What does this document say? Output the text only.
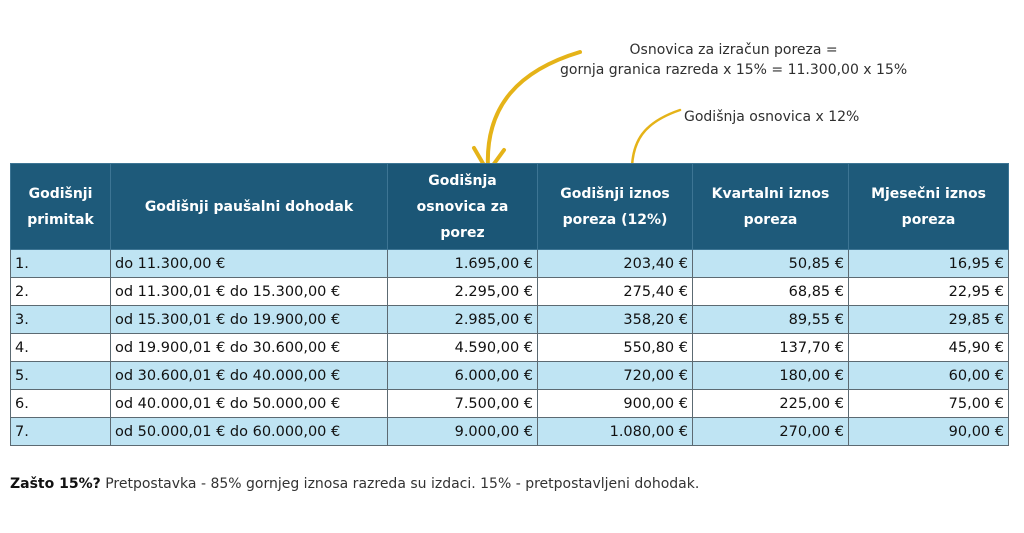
Osnovica za izračun poreza =
gornja granica razreda x 15% = 11.300,00 x 15%
Godišnja osnovica x 12%
Godišnji primitak	Godišnji paušalni dohodak	Godišnja osnovica za porez	Godišnji iznos poreza (12%)	Kvartalni iznos poreza	Mjesečni iznos poreza
1.	do 11.300,00 €	1.695,00 €	203,40 €	50,85 €	16,95 €
2.	od 11.300,01 € do 15.300,00 €	2.295,00 €	275,40 €	68,85 €	22,95 €
3.	od 15.300,01 € do 19.900,00 €	2.985,00 €	358,20 €	89,55 €	29,85 €
4.	od 19.900,01 € do 30.600,00 €	4.590,00 €	550,80 €	137,70 €	45,90 €
5.	od 30.600,01 € do 40.000,00 €	6.000,00 €	720,00 €	180,00 €	60,00 €
6.	od 40.000,01 € do 50.000,00 €	7.500,00 €	900,00 €	225,00 €	75,00 €
7.	od 50.000,01 € do 60.000,00 €	9.000,00 €	1.080,00 €	270,00 €	90,00 €
Zašto 15%? Pretpostavka - 85% gornjeg iznosa razreda su izdaci. 15% - pretpostavljeni dohodak.
